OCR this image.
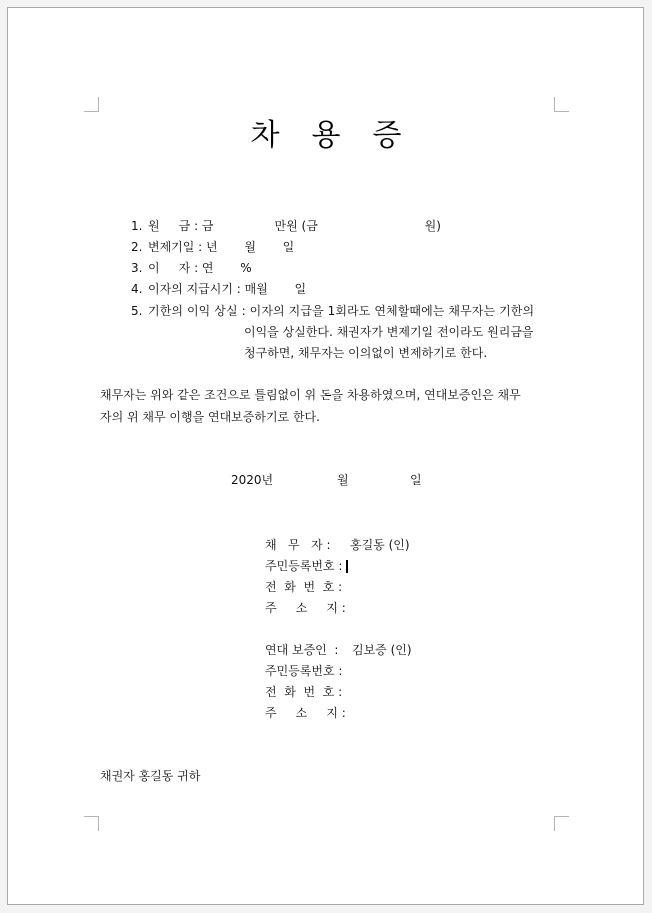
차용증
1. 원     금 : 금                만원 (금                            원)
2. 변제기일 : 년       월       일
3. 이     자 : 연       %
4. 이자의 지급시기 : 매월       일
5. 기한의 이익 상실 : 이자의 지급을 1회라도 연체할때에는 채무자는 기한의
이익을 상실한다. 채권자가 변제기일 전이라도 원리금을
청구하면, 채무자는 이의없이 변제하기로 한다.
채무자는 위와 같은 조건으로 틀림없이 위 돈을 차용하였으며, 연대보증인은 채무
자의 위 채무 이행을 연대보증하기로 한다.
2020년	월	일
채   무   자 : 홍길동 (인)
주민등록번호 :
전  화  번  호 :
주     소     지 :
연대 보증인  : 김보증 (인)
주민등록번호 :
전  화  번  호 :
주     소     지 :
채권자 홍길동 귀하
